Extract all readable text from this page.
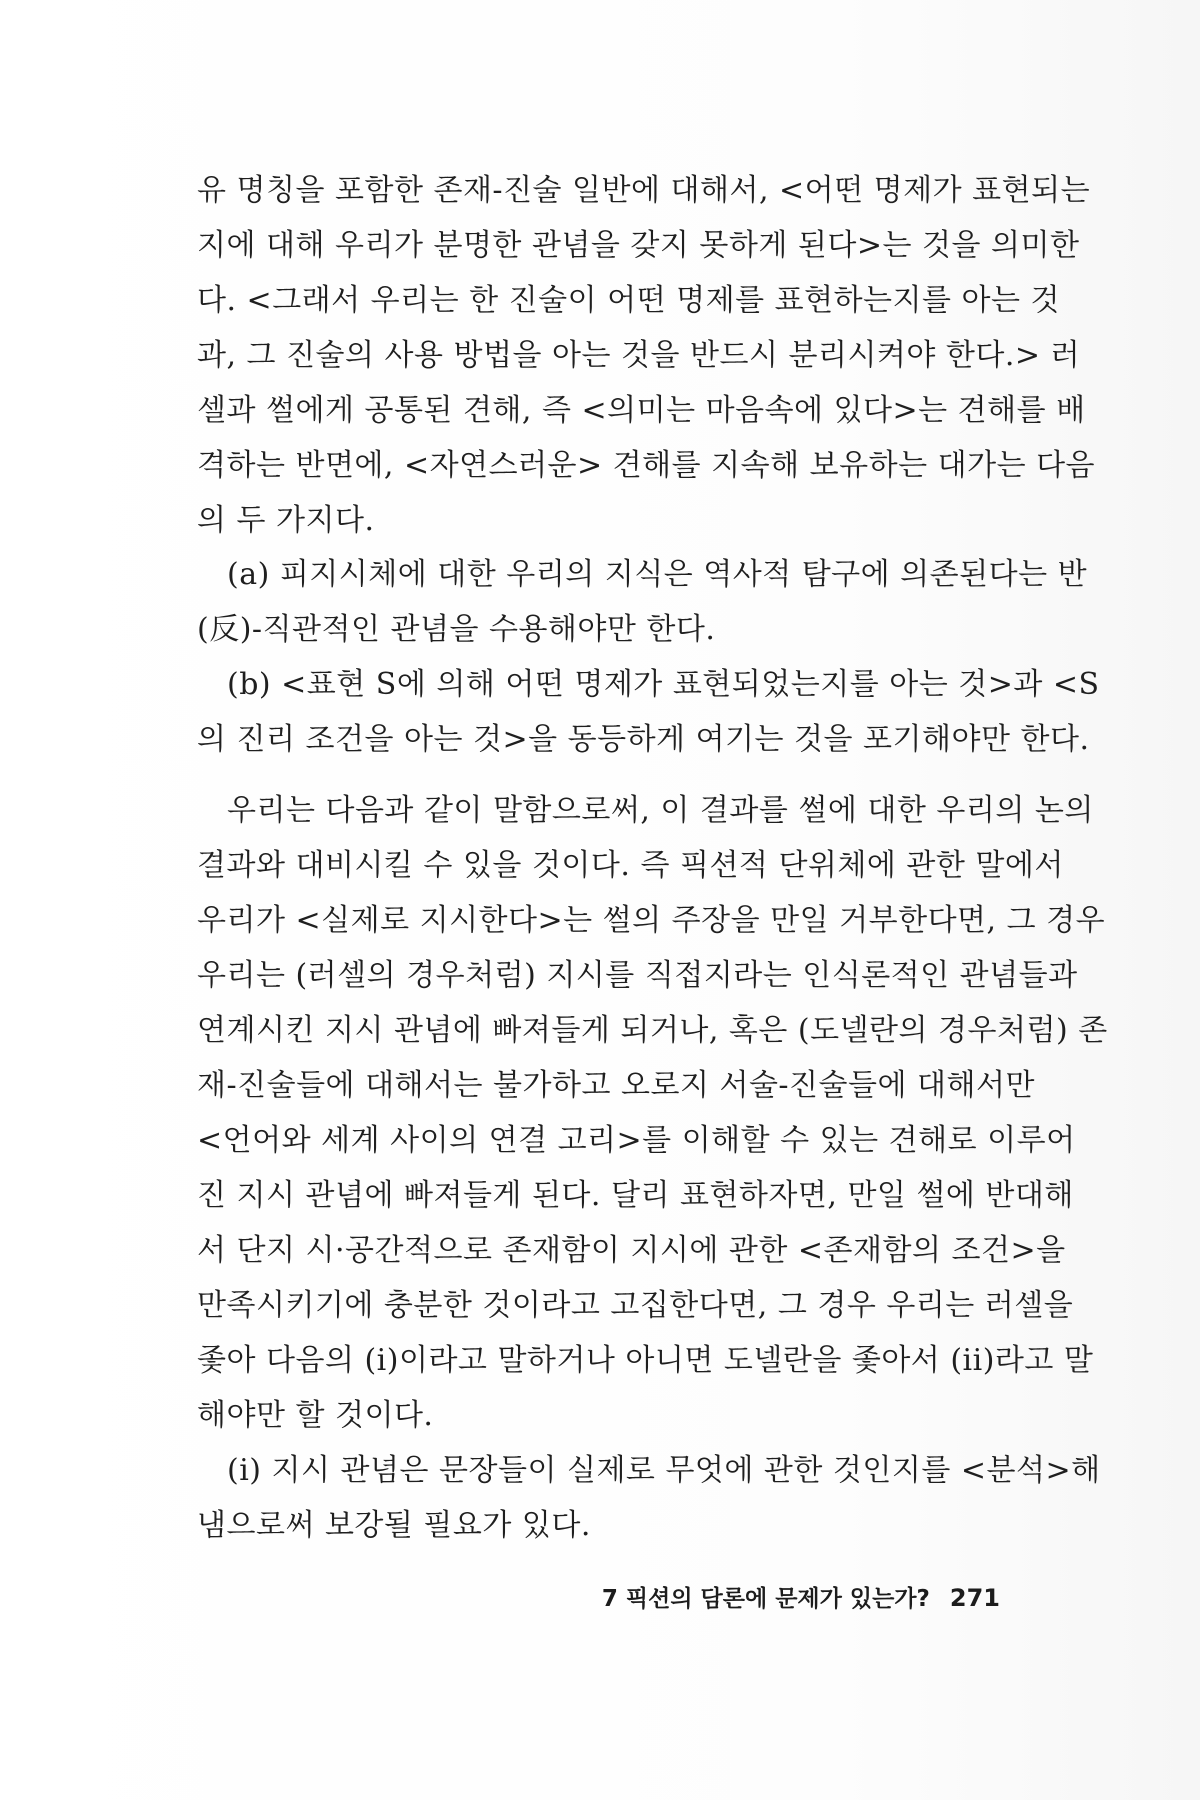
유 명칭을 포함한 존재-진술 일반에 대해서, <어떤 명제가 표현되는
지에 대해 우리가 분명한 관념을 갖지 못하게 된다>는 것을 의미한
다. <그래서 우리는 한 진술이 어떤 명제를 표현하는지를 아는 것
과, 그 진술의 사용 방법을 아는 것을 반드시 분리시켜야 한다.> 러
셀과 썰에게 공통된 견해, 즉 <의미는 마음속에 있다>는 견해를 배
격하는 반면에, <자연스러운> 견해를 지속해 보유하는 대가는 다음
의 두 가지다.
(a) 피지시체에 대한 우리의 지식은 역사적 탐구에 의존된다는 반
(反)-직관적인 관념을 수용해야만 한다.
(b) <표현 S에 의해 어떤 명제가 표현되었는지를 아는 것>과 <S
의 진리 조건을 아는 것>을 동등하게 여기는 것을 포기해야만 한다.
우리는 다음과 같이 말함으로써, 이 결과를 썰에 대한 우리의 논의
결과와 대비시킬 수 있을 것이다. 즉 픽션적 단위체에 관한 말에서
우리가 <실제로 지시한다>는 썰의 주장을 만일 거부한다면, 그 경우
우리는 (러셀의 경우처럼) 지시를 직접지라는 인식론적인 관념들과
연계시킨 지시 관념에 빠져들게 되거나, 혹은 (도넬란의 경우처럼) 존
재-진술들에 대해서는 불가하고 오로지 서술-진술들에 대해서만
<언어와 세계 사이의 연결 고리>를 이해할 수 있는 견해로 이루어
진 지시 관념에 빠져들게 된다. 달리 표현하자면, 만일 썰에 반대해
서 단지 시·공간적으로 존재함이 지시에 관한 <존재함의 조건>을
만족시키기에 충분한 것이라고 고집한다면, 그 경우 우리는 러셀을
좇아 다음의 (i)이라고 말하거나 아니면 도넬란을 좇아서 (ii)라고 말
해야만 할 것이다.
(i) 지시 관념은 문장들이 실제로 무엇에 관한 것인지를 <분석>해
냄으로써 보강될 필요가 있다.
7 픽션의 담론에 문제가 있는가? 271
